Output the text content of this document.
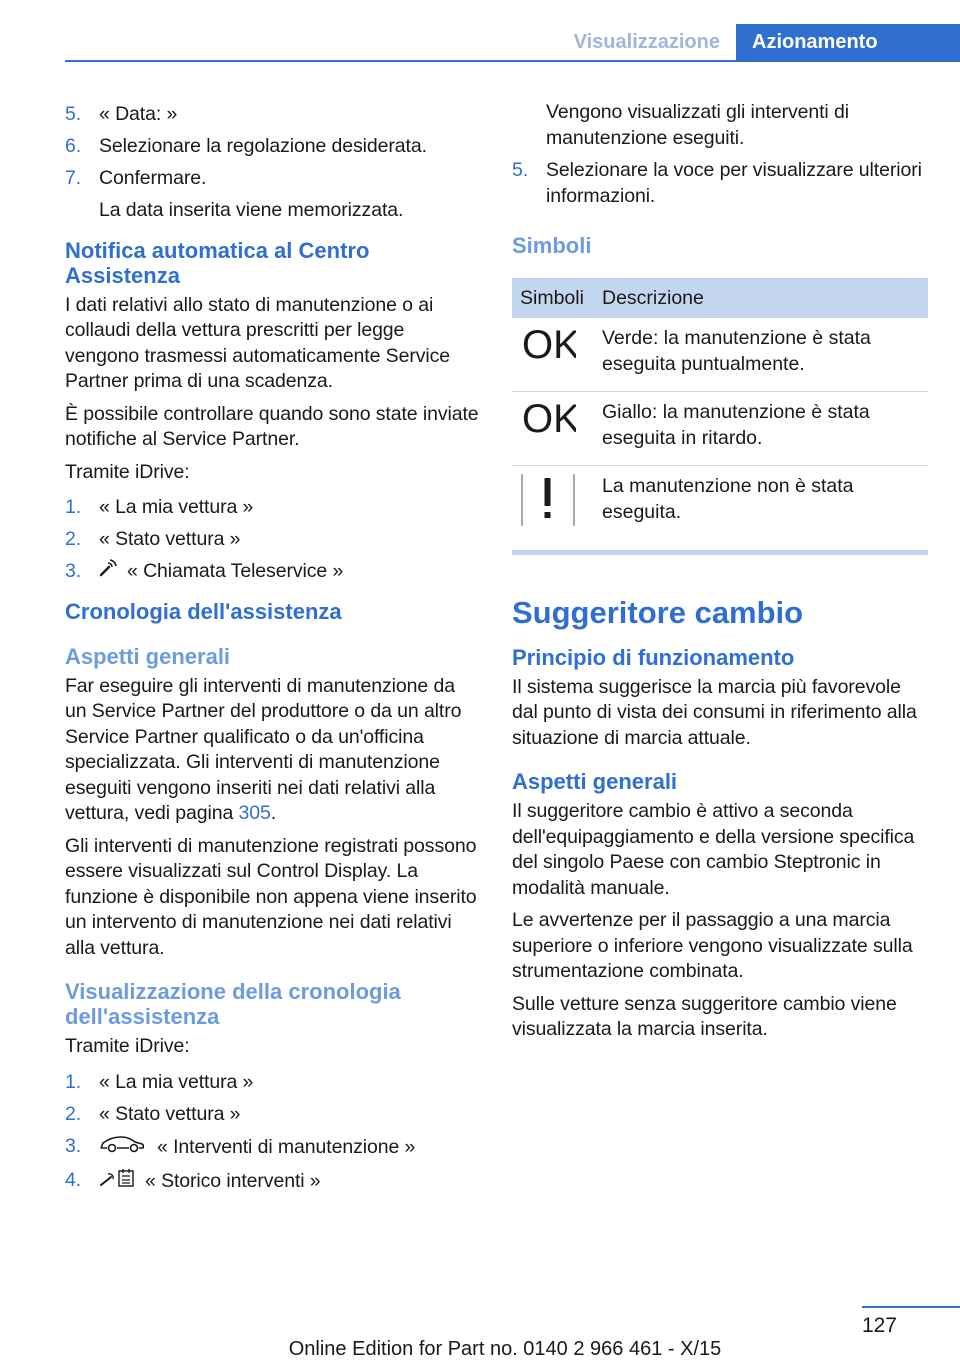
Visualizzazione	Azionamento
5. « Data: »
6. Selezionare la regolazione desiderata.
7. Confermare.
La data inserita viene memorizzata.
Notifica automatica al Centro Assistenza

I dati relativi allo stato di manutenzione o ai collaudi della vettura prescritti per legge vengono trasmessi automaticamente Service Partner prima di una scadenza.

È possibile controllare quando sono state inviate notifiche al Service Partner.

Tramite iDrive:

1. « La mia vettura »
2. « Stato vettura »
3. « Chiamata Teleservice »
Cronologia dell'assistenza
Aspetti generali

Far eseguire gli interventi di manutenzione da un Service Partner del produttore o da un altro Service Partner qualificato o da un'officina specializzata. Gli interventi di manutenzione eseguiti vengono inseriti nei dati relativi alla vettura, vedi pagina 305.

Gli interventi di manutenzione registrati possono essere visualizzati sul Control Display. La funzione è disponibile non appena viene inserito un intervento di manutenzione nei dati relativi alla vettura.

Visualizzazione della cronologia dell'assistenza

Tramite iDrive:

1. « La mia vettura »
2. « Stato vettura »
3.	« Interventi di manutenzione »
4.	« Storico interventi »

Vengono visualizzati gli interventi di manutenzione eseguiti.

5. Selezionare la voce per visualizzare ulteriori informazioni.
Simboli
Simboli	Descrizione

OK	Verde: la manutenzione è stata eseguita puntualmente.

OK	Giallo: la manutenzione è stata eseguita in ritardo.
	La manutenzione non è stata eseguita.
Suggeritore cambio
Principio di funzionamento

Il sistema suggerisce la marcia più favorevole dal punto di vista dei consumi in riferimento alla situazione di marcia attuale.

Aspetti generali

Il suggeritore cambio è attivo a seconda dell'equipaggiamento e della versione specifica del singolo Paese con cambio Steptronic in modalità manuale.

Le avvertenze per il passaggio a una marcia superiore o inferiore vengono visualizzate sulla strumentazione combinata.

Sulle vetture senza suggeritore cambio viene visualizzata la marcia inserita.

127
Online Edition for Part no. 0140 2 966 461 - X/15
